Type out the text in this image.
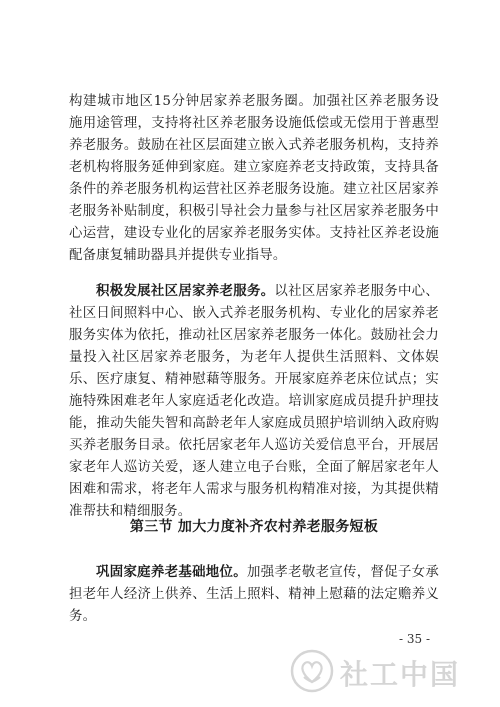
构建城市地区15分钟居家养老服务圈。加强社区养老服务设施用途管理，支持将社区养老服务设施低偿或无偿用于普惠型养老服务。鼓励在社区层面建立嵌入式养老服务机构，支持养老机构将服务延伸到家庭。建立家庭养老支持政策，支持具备条件的养老服务机构运营社区养老服务设施。建立社区居家养老服务补贴制度，积极引导社会力量参与社区居家养老服务中心运营，建设专业化的居家养老服务实体。支持社区养老设施配备康复辅助器具并提供专业指导。

积极发展社区居家养老服务。以社区居家养老服务中心、社区日间照料中心、嵌入式养老服务机构、专业化的居家养老服务实体为依托，推动社区居家养老服务一体化。鼓励社会力量投入社区居家养老服务，为老年人提供生活照料、文体娱乐、医疗康复、精神慰藉等服务。开展家庭养老床位试点；实施特殊困难老年人家庭适老化改造。培训家庭成员提升护理技能，推动失能失智和高龄老年人家庭成员照护培训纳入政府购买养老服务目录。依托居家老年人巡访关爱信息平台，开展居家老年人巡访关爱，逐人建立电子台账，全面了解居家老年人困难和需求，将老年人需求与服务机构精准对接，为其提供精准帮扶和精细服务。

第三节 加大力度补齐农村养老服务短板

巩固家庭养老基础地位。加强孝老敬老宣传，督促子女承担老年人经济上供养、生活上照料、精神上慰藉的法定赡养义务。

- 35 -
社工中国
